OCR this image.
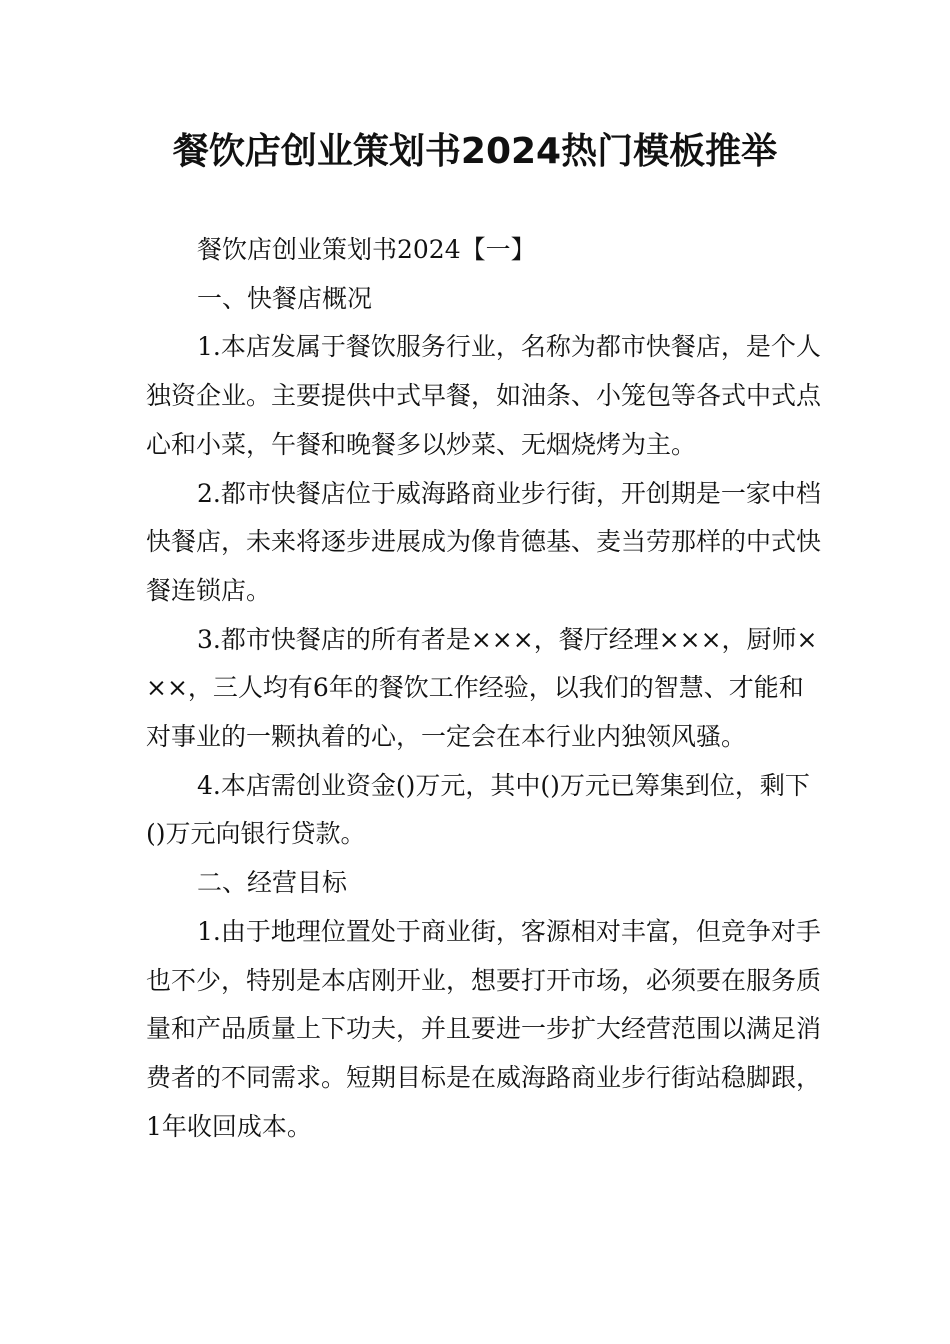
餐饮店创业策划书2024热门模板推举

餐饮店创业策划书2024【一】

一、快餐店概况

1.本店发属于餐饮服务行业，名称为都市快餐店，是个人独资企业。主要提供中式早餐，如油条、小笼包等各式中式点心和小菜，午餐和晚餐多以炒菜、无烟烧烤为主。

2.都市快餐店位于威海路商业步行街，开创期是一家中档快餐店，未来将逐步进展成为像肯德基、麦当劳那样的中式快餐连锁店。

3.都市快餐店的所有者是×××，餐厅经理×××，厨师×××，三人均有6年的餐饮工作经验，以我们的智慧、才能和对事业的一颗执着的心，一定会在本行业内独领风骚。

4.本店需创业资金()万元，其中()万元已筹集到位，剩下()万元向银行贷款。

二、经营目标

1.由于地理位置处于商业街，客源相对丰富，但竞争对手也不少，特别是本店刚开业，想要打开市场，必须要在服务质量和产品质量上下功夫，并且要进一步扩大经营范围以满足消费者的不同需求。短期目标是在威海路商业步行街站稳脚跟，1年收回成本。
